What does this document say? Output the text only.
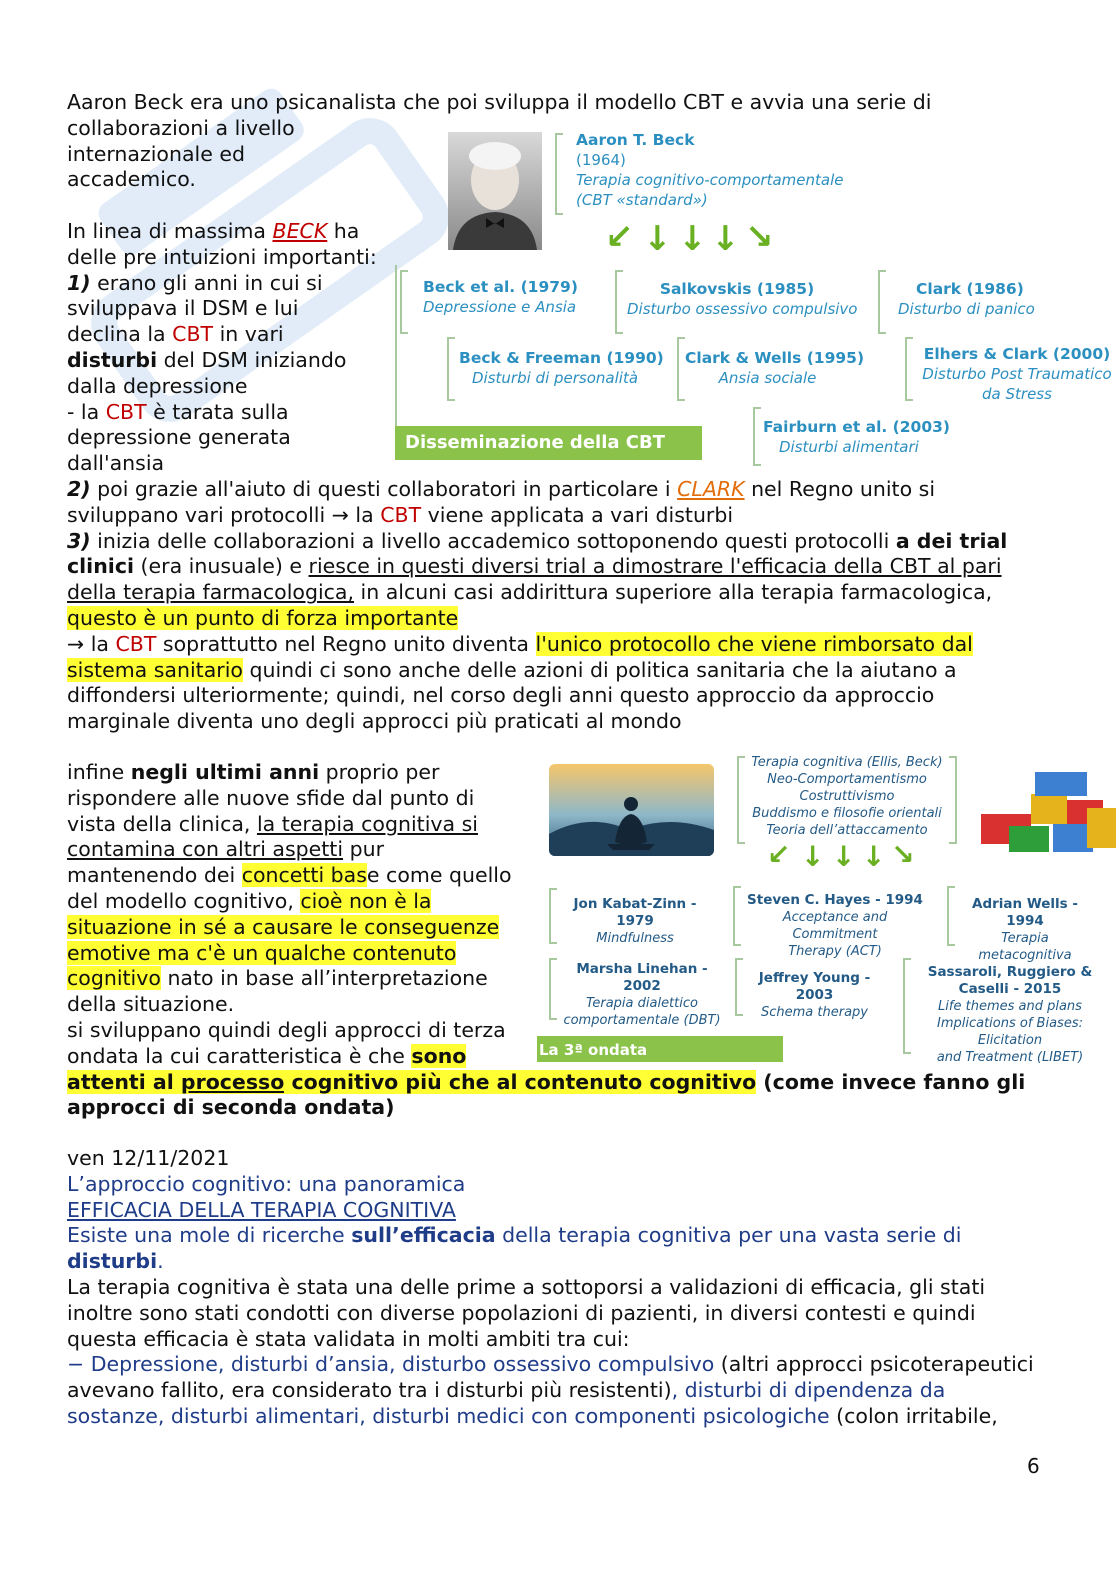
Aaron Beck era uno psicanalista che poi sviluppa il modello CBT e avvia una serie di
collaborazioni a livello
internazionale ed
accademico.
In linea di massima BECK ha
delle pre intuizioni importanti:
1) erano gli anni in cui si
sviluppava il DSM e lui
declina la CBT in vari
disturbi del DSM iniziando
dalla depressione
- la CBT è tarata sulla
depressione generata
dall'ansia
2) poi grazie all'aiuto di questi collaboratori in particolare i CLARK nel Regno unito si
sviluppano vari protocolli → la CBT viene applicata a vari disturbi
3) inizia delle collaborazioni a livello accademico sottoponendo questi protocolli a dei trial
clinici (era inusuale) e riesce in questi diversi trial a dimostrare l'efficacia della CBT al pari
della terapia farmacologica, in alcuni casi addirittura superiore alla terapia farmacologica,
questo è un punto di forza importante
→ la CBT soprattutto nel Regno unito diventa l'unico protocollo che viene rimborsato dal
sistema sanitario quindi ci sono anche delle azioni di politica sanitaria che la aiutano a
diffondersi ulteriormente; quindi, nel corso degli anni questo approccio da approccio
marginale diventa uno degli approcci più praticati al mondo
Aaron T. Beck
(1964)
Terapia cognitivo-comportamentale
(CBT «standard»)
↙ ↓ ↓ ↓ ↘
Beck et al. (1979)
Depressione e Ansia
Salkovskis (1985)
Disturbo ossessivo compulsivo
Clark (1986)
Disturbo di panico
Beck & Freeman (1990)
Disturbi di personalità
Clark & Wells (1995)
Ansia sociale
Elhers & Clark (2000)
Disturbo Post Traumatico
da Stress
Fairburn et al. (2003)
Disturbi alimentari
Disseminazione della CBT
infine negli ultimi anni proprio per
rispondere alle nuove sfide dal punto di
vista della clinica, la terapia cognitiva si
contamina con altri aspetti pur
mantenendo dei concetti base come quello
del modello cognitivo, cioè non è la
situazione in sé a causare le conseguenze
emotive ma c'è un qualche contenuto
cognitivo nato in base all’interpretazione
della situazione.
si sviluppano quindi degli approcci di terza
ondata la cui caratteristica è che sono
attenti al processo cognitivo più che al contenuto cognitivo (come invece fanno gli
approcci di seconda ondata)
Terapia cognitiva (Ellis, Beck)
Neo-Comportamentismo
Costruttivismo
Buddismo e filosofie orientali
Teoria dell’attaccamento
↙ ↓ ↓ ↓ ↘
Jon Kabat-Zinn - 1979
Mindfulness
Steven C. Hayes - 1994
Acceptance and Commitment
Therapy (ACT)
Adrian Wells - 1994
Terapia metacognitiva
Marsha Linehan - 2002
Terapia dialettico
comportamentale (DBT)
Jeffrey Young - 2003
Schema therapy
Sassaroli, Ruggiero &
Caselli - 2015
Life themes and plans
Implications of Biases: Elicitation
and Treatment (LIBET)
La 3ª ondata
ven 12/11/2021
L’approccio cognitivo: una panoramica
EFFICACIA DELLA TERAPIA COGNITIVA
Esiste una mole di ricerche sull’efficacia della terapia cognitiva per una vasta serie di
disturbi.
La terapia cognitiva è stata una delle prime a sottoporsi a validazioni di efficacia, gli stati
inoltre sono stati condotti con diverse popolazioni di pazienti, in diversi contesti e quindi
questa efficacia è stata validata in molti ambiti tra cui:
− Depressione, disturbi d’ansia, disturbo ossessivo compulsivo (altri approcci psicoterapeutici
avevano fallito, era considerato tra i disturbi più resistenti), disturbi di dipendenza da
sostanze, disturbi alimentari, disturbi medici con componenti psicologiche (colon irritabile,
6
